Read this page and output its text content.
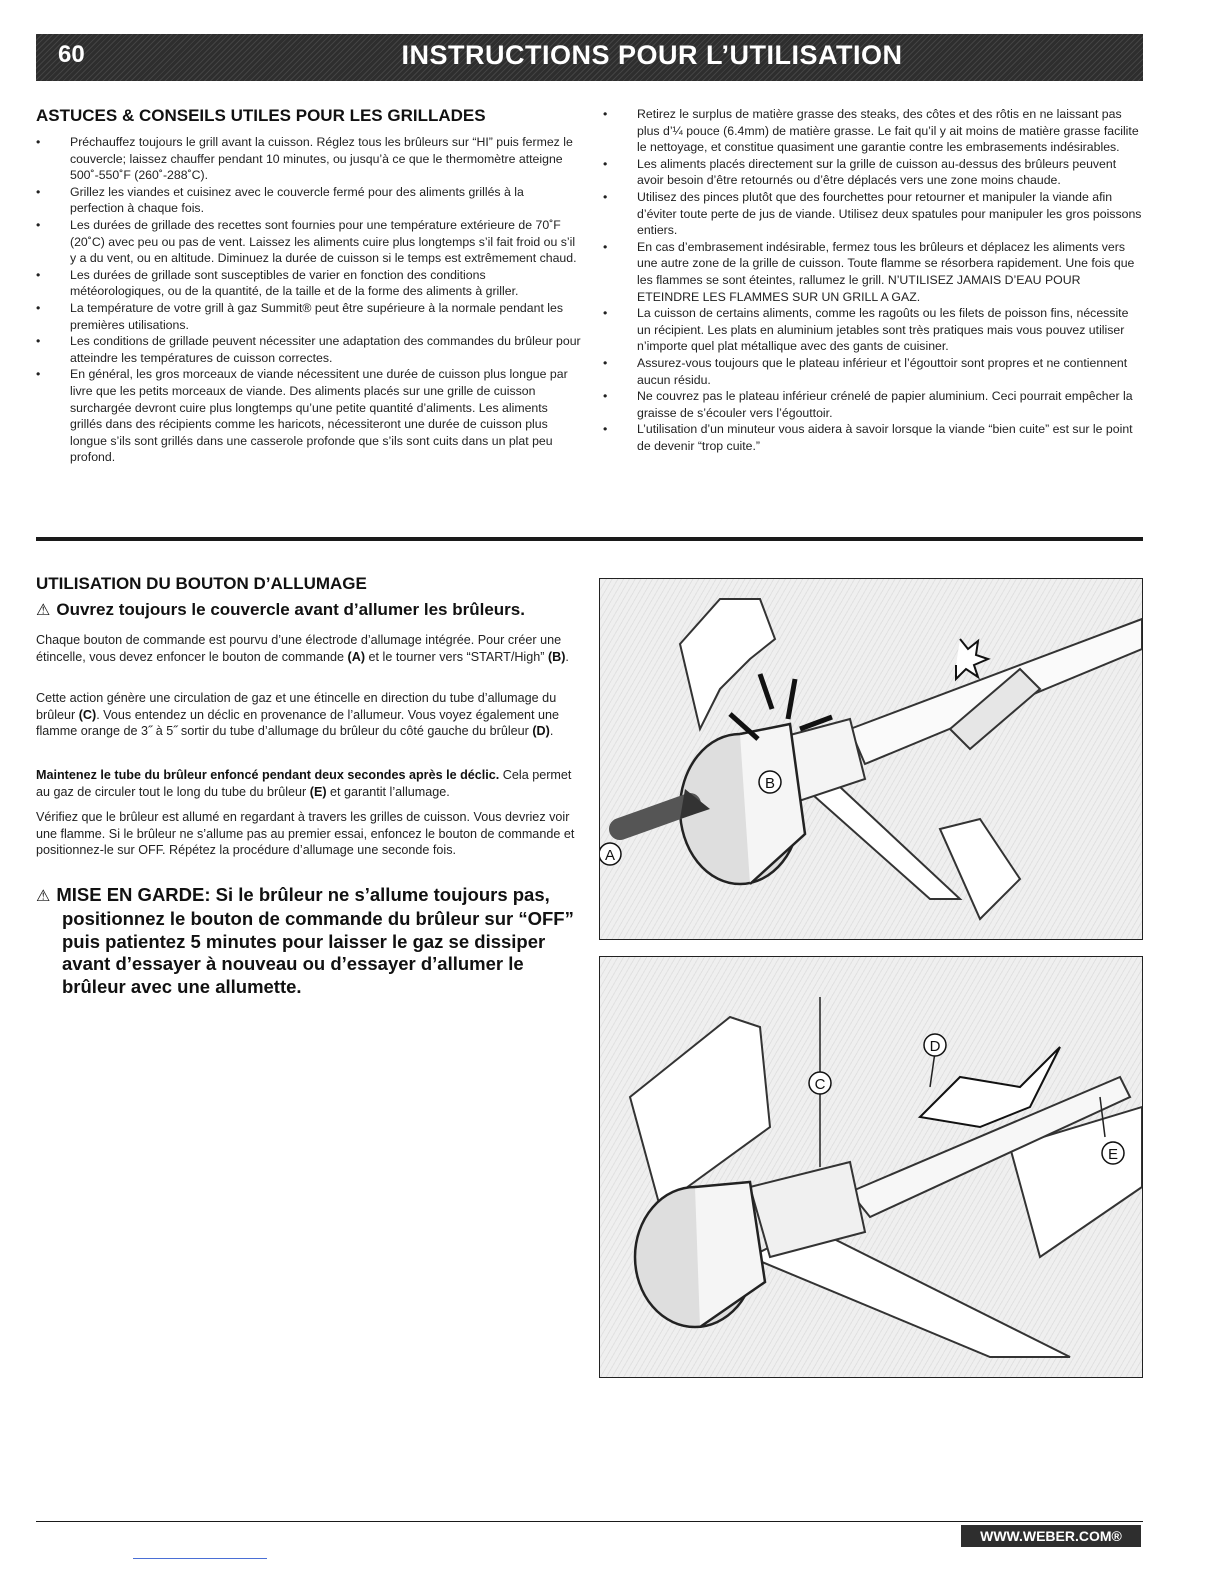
60	INSTRUCTIONS POUR L’UTILISATION
ASTUCES & CONSEILS UTILES POUR LES GRILLADES
• Préchauffez toujours le grill avant la cuisson. Réglez tous les brûleurs sur “HI” puis fermez le couvercle; laissez chauffer pendant 10 minutes, ou jusqu’à ce que le thermomètre atteigne 500˚-550˚F (260˚-288˚C).
• Grillez les viandes et cuisinez avec le couvercle fermé pour des aliments grillés à la perfection à chaque fois.
• Les durées de grillade des recettes sont fournies pour une température extérieure de 70˚F (20˚C) avec peu ou pas de vent. Laissez les aliments cuire plus longtemps s’il fait froid ou s’il y a du vent, ou en altitude. Diminuez la durée de cuisson si le temps est extrêmement chaud.
• Les durées de grillade sont susceptibles de varier en fonction des conditions météorologiques, ou de la quantité, de la taille et de la forme des aliments à griller.
• La température de votre grill à gaz Summit® peut être supérieure à la normale pendant les premières utilisations.
• Les conditions de grillade peuvent nécessiter une adaptation des commandes du brûleur pour atteindre les températures de cuisson correctes.
• En général, les gros morceaux de viande nécessitent une durée de cuisson plus longue par livre que les petits morceaux de viande. Des aliments placés sur une grille de cuisson surchargée devront cuire plus longtemps qu’une petite quantité d’aliments. Les aliments grillés dans des récipients comme les haricots, nécessiteront une durée de cuisson plus longue s’ils sont grillés dans une casserole profonde que s’ils sont cuits dans un plat peu profond.
• Retirez le surplus de matière grasse des steaks, des côtes et des rôtis en ne laissant pas plus d’¼ pouce (6.4mm) de matière grasse. Le fait qu’il y ait moins de matière grasse facilite le nettoyage, et constitue quasiment une garantie contre les embrasements indésirables.
• Les aliments placés directement sur la grille de cuisson au-dessus des brûleurs peuvent avoir besoin d’être retournés ou d’être déplacés vers une zone moins chaude.
• Utilisez des pinces plutôt que des fourchettes pour retourner et manipuler la viande afin d’éviter toute perte de jus de viande. Utilisez deux spatules pour manipuler les gros poissons entiers.
• En cas d’embrasement indésirable, fermez tous les brûleurs et déplacez les aliments vers une autre zone de la grille de cuisson. Toute flamme se résorbera rapidement. Une fois que les flammes se sont éteintes, rallumez le grill. N’UTILISEZ JAMAIS D’EAU POUR ETEINDRE LES FLAMMES SUR UN GRILL A GAZ.
• La cuisson de certains aliments, comme les ragoûts ou les filets de poisson fins, nécessite un récipient. Les plats en aluminium jetables sont très pratiques mais vous pouvez utiliser n’importe quel plat métallique avec des gants de cuisiner.
• Assurez-vous toujours que le plateau inférieur et l’égouttoir sont propres et ne contiennent aucun résidu.
• Ne couvrez pas le plateau inférieur crénelé de papier aluminium. Ceci pourrait empêcher la graisse de s’écouler vers l’égouttoir.
• L’utilisation d’un minuteur vous aidera à savoir lorsque la viande “bien cuite” est sur le point de devenir “trop cuite.”
UTILISATION DU BOUTON D’ALLUMAGE
⚠ Ouvrez toujours le couvercle avant d’allumer les brûleurs.
Chaque bouton de commande est pourvu d’une électrode d’allumage intégrée. Pour créer une étincelle, vous devez enfoncer le bouton de commande (A) et le tourner vers “START/High” (B).
Cette action génère une circulation de gaz et une étincelle en direction du tube d’allumage du brûleur (C). Vous entendez un déclic en provenance de l’allumeur. Vous voyez également une flamme orange de 3˝ à 5˝ sortir du tube d’allumage du brûleur du côté gauche du brûleur (D).
Maintenez le tube du brûleur enfoncé pendant deux secondes après le déclic. Cela permet au gaz de circuler tout le long du tube du brûleur (E) et garantit l’allumage.
Vérifiez que le brûleur est allumé en regardant à travers les grilles de cuisson. Vous devriez voir une flamme. Si le brûleur ne s’allume pas au premier essai, enfoncez le bouton de commande et positionnez-le sur OFF. Répétez la procédure d’allumage une seconde fois.
⚠ MISE EN GARDE: Si le brûleur ne s’allume toujours pas,
positionnez le bouton de commande du brûleur sur “OFF” puis patientez 5 minutes pour laisser le gaz se dissiper avant d’essayer à nouveau ou d’essayer d’allumer le brûleur avec une allumette.
B
A
D
C
E
WWW.WEBER.COM®
